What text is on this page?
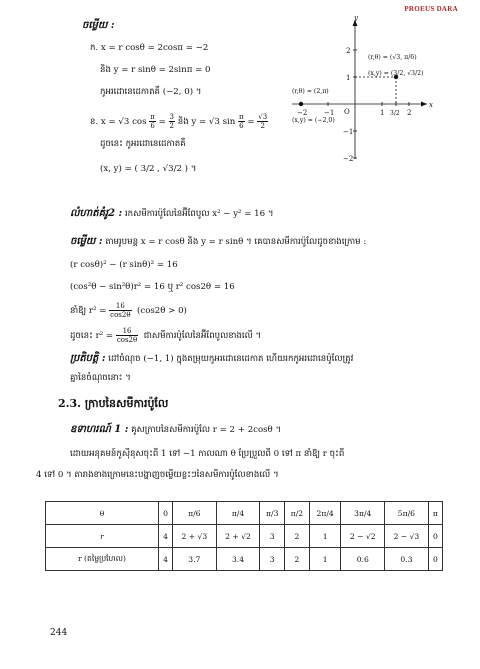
PROEUS DARA
ចម្លើយ :
ក. x = r cosθ = 2cosπ = −2
និង y = r sinθ = 2sinπ = 0
កូអរដោនេដេកាតគឺ (−2, 0) ។
ខ. x = √3 $\cos \frac{\pi}{6} = \frac{3}{2}$ និង y = √3 $\sin \frac{\pi}{6} = \frac{√3}{2}$
ដូចនេះ កូអរដោនេដេកាតគឺ
(x, y) = ( 3/2 , √3/2 ) ។
y
x
O
−2 −1	1 3/2 2
2
1
−1
−2
(r,θ) = (√3, π/6)
(x,y) = (3/2, √3/2)
(r,θ) = (2,π)
(x,y) = (−2,0)
លំហាត់គំរូ2 : រកសមីការប៉ូលែនៃអ៊ីពែបូល x² − y² = 16 ។
ចម្លើយ : តាមរូបមន្ដ x = r cosθ និង y = r sinθ ។ គេបានសមីការប៉ូលែដូចខាងក្រោម :
(r cosθ)² − (r sinθ)² = 16
(cos²θ − sin²θ)r² = 16 ឬ r² cos2θ = 16
នាំឱ្យ $r^2 = \frac{16}{\cos 2\theta} (\cos 2\theta > 0)$
ដូចនេះ $r^2 = \frac{16}{\cos 2\theta}$ ជាសមីការប៉ូលែនៃអ៊ីពែបូលខាងលើ ។
ប្រតិបត្ដិ : ដៅចំណុច (−1, 1) ក្នុងតម្រុយកូអរដោនេដេកាត ហើយរកកូអរដោនេប៉ូលែត្រូវ
គ្នានៃចំណុចនោះ ។
2.3. ក្រាបនៃសមីការប៉ូលែ
ឧទាហរណ៍ 1 : គូសក្រាបនៃសមីការប៉ូលែ r = 2 + 2cosθ ។
ដោយអនុគមន៍កូស៊ីនុសចុះពី 1 ទៅ −1 កាលណា θ ប្រែប្រួលពី 0 ទៅ π នាំឱ្យ r ចុះពី
4 ទៅ 0 ។ តារាងខាងក្រោមនេះបង្ហាញចម្លើយខ្លះៗនៃសមីការប៉ូលែខាងលើ ។
θ	0	π/6	π/4	π/3	π/2	2π/4	3π/4	5π/6	π
r	4	2 + √3	2 + √2	3	2	1	2 − √2	2 − √3	0
r (តម្លៃប្រហែល)	4	3.7	3.4	3	2	1	0.6	0.3	0
244
